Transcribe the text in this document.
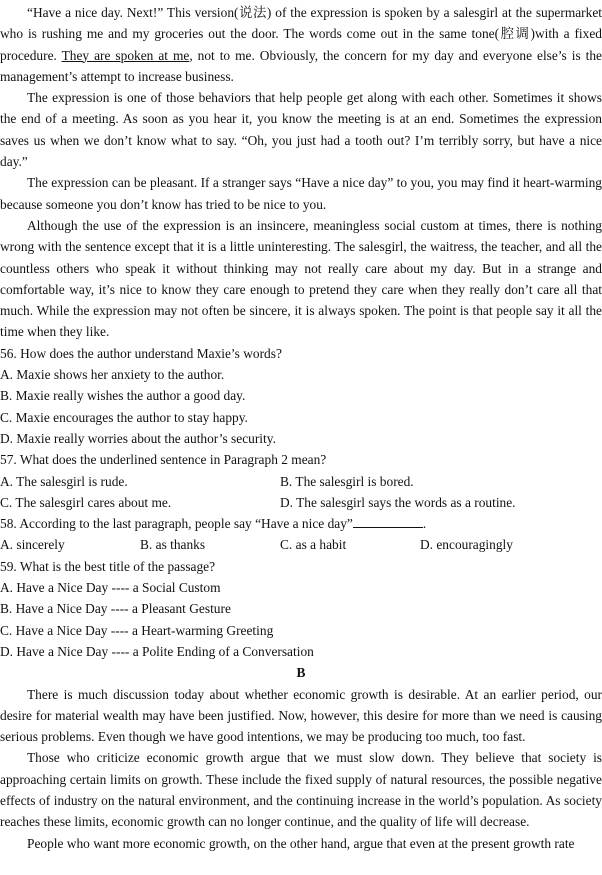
“Have a nice day. Next!” This version(说法) of the expression is spoken by a salesgirl at the supermarket who is rushing me and my groceries out the door. The words come out in the same tone(腔调)with a fixed procedure. They are spoken at me, not to me. Obviously, the concern for my day and everyone else’s is the management’s attempt to increase business.

The expression is one of those behaviors that help people get along with each other. Sometimes it shows the end of a meeting. As soon as you hear it, you know the meeting is at an end. Sometimes the expression saves us when we don’t know what to say. “Oh, you just had a tooth out? I’m terribly sorry, but have a nice day.”

The expression can be pleasant. If a stranger says “Have a nice day” to you, you may find it heart-warming because someone you don’t know has tried to be nice to you.

Although the use of the expression is an insincere, meaningless social custom at times, there is nothing wrong with the sentence except that it is a little uninteresting. The salesgirl, the waitress, the teacher, and all the countless others who speak it without thinking may not really care about my day. But in a strange and comfortable way, it’s nice to know they care enough to pretend they care when they really don’t care all that much. While the expression may not often be sincere, it is always spoken. The point is that people say it all the time when they like.

56. How does the author understand Maxie’s words?

A. Maxie shows her anxiety to the author.

B. Maxie really wishes the author a good day.

C. Maxie encourages the author to stay happy.

D. Maxie really worries about the author’s security.

57. What does the underlined sentence in Paragraph 2 mean?

A. The salesgirl is rude.	B. The salesgirl is bored.
C. The salesgirl cares about me.	D. The salesgirl says the words as a routine.

58. According to the last paragraph, people say “Have a nice day”	.

A. sincerely	B. as thanks	C. as a habit	D. encouragingly

59. What is the best title of the passage?

A. Have a Nice Day ---- a Social Custom

B. Have a Nice Day ---- a Pleasant Gesture

C. Have a Nice Day ---- a Heart-warming Greeting

D. Have a Nice Day ---- a Polite Ending of a Conversation

B

There is much discussion today about whether economic growth is desirable. At an earlier period, our desire for material wealth may have been justified. Now, however, this desire for more than we need is causing serious problems. Even though we have good intentions, we may be producing too much, too fast.

Those who criticize economic growth argue that we must slow down. They believe that society is approaching certain limits on growth. These include the fixed supply of natural resources, the possible negative effects of industry on the natural environment, and the continuing increase in the world’s population. As society reaches these limits, economic growth can no longer continue, and the quality of life will decrease.

People who want more economic growth, on the other hand, argue that even at the present growth rate
